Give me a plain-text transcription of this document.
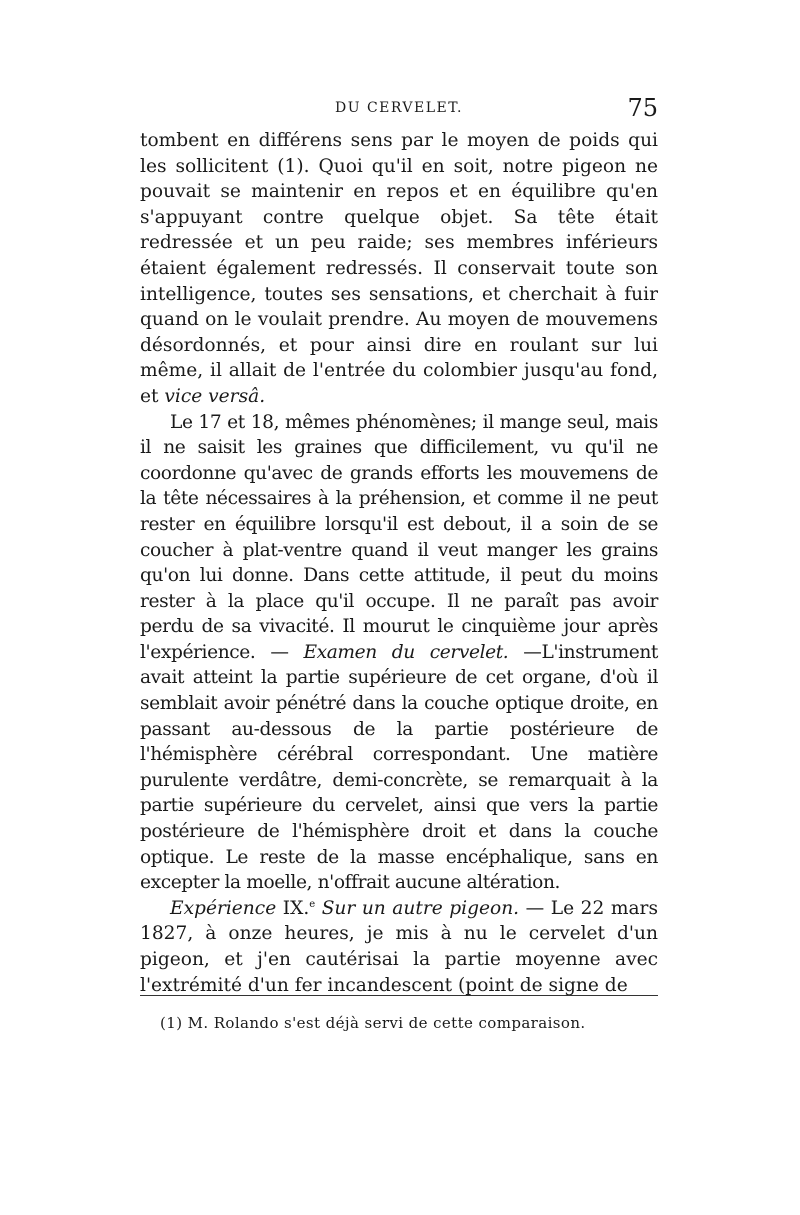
DU CERVELET.	75

tombent en différens sens par le moyen de poids qui les sollicitent (1). Quoi qu'il en soit, notre pigeon ne pouvait se maintenir en repos et en équilibre qu'en s'appuyant contre quelque objet. Sa tête était redressée et un peu raide; ses membres inférieurs étaient également redressés. Il conservait toute son intelligence, toutes ses sensations, et cherchait à fuir quand on le voulait prendre. Au moyen de mouvemens désordonnés, et pour ainsi dire en roulant sur lui même, il allait de l'entrée du colombier jusqu'au fond, et vice versâ.

Le 17 et 18, mêmes phénomènes; il mange seul, mais il ne saisit les graines que difficilement, vu qu'il ne coordonne qu'avec de grands efforts les mouvemens de la tête nécessaires à la préhension, et comme il ne peut rester en équilibre lorsqu'il est debout, il a soin de se coucher à plat-ventre quand il veut manger les grains qu'on lui donne. Dans cette attitude, il peut du moins rester à la place qu'il occupe. Il ne paraît pas avoir perdu de sa vivacité. Il mourut le cinquième jour après l'expérience. — Examen du cervelet. —L'instrument avait atteint la partie supérieure de cet organe, d'où il semblait avoir pénétré dans la couche optique droite, en passant au-dessous de la partie postérieure de l'hémisphère cérébral correspondant. Une matière purulente verdâtre, demi-concrète, se remarquait à la partie supérieure du cervelet, ainsi que vers la partie postérieure de l'hémisphère droit et dans la couche optique. Le reste de la masse encéphalique, sans en excepter la moelle, n'offrait aucune altération.

Expérience IX.$^e$ Sur un autre pigeon. — Le 22 mars 1827, à onze heures, je mis à nu le cervelet d'un pigeon, et j'en cautérisai la partie moyenne avec l'extrémité d'un fer incandescent (point de signe de

(1) M. Rolando s'est déjà servi de cette comparaison.
